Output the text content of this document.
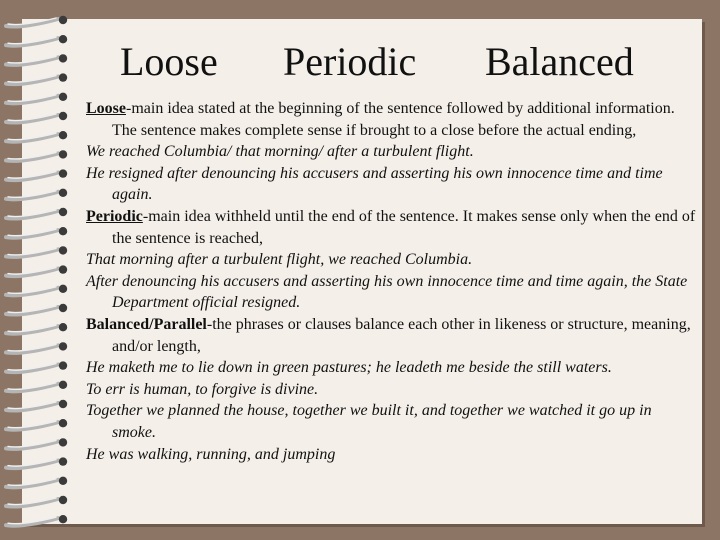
Loose Periodic Balanced

Loose-main idea stated at the beginning of the sentence followed by additional information. The sentence makes complete sense if brought to a close before the actual ending,

We reached Columbia/ that morning/ after a turbulent flight.

He resigned after denouncing his accusers and asserting his own innocence time and time again.

Periodic-main idea withheld until the end of the sentence. It makes sense only when the end of the sentence is reached,

That morning after a turbulent flight, we reached Columbia.

After denouncing his accusers and asserting his own innocence time and time again, the State Department official resigned.

Balanced/Parallel-the phrases or clauses balance each other in likeness or structure, meaning, and/or length,

He maketh me to lie down in green pastures; he leadeth me beside the still waters.

To err is human, to forgive is divine.

Together we planned the house, together we built it, and together we watched it go up in smoke.

He was walking, running, and jumping
